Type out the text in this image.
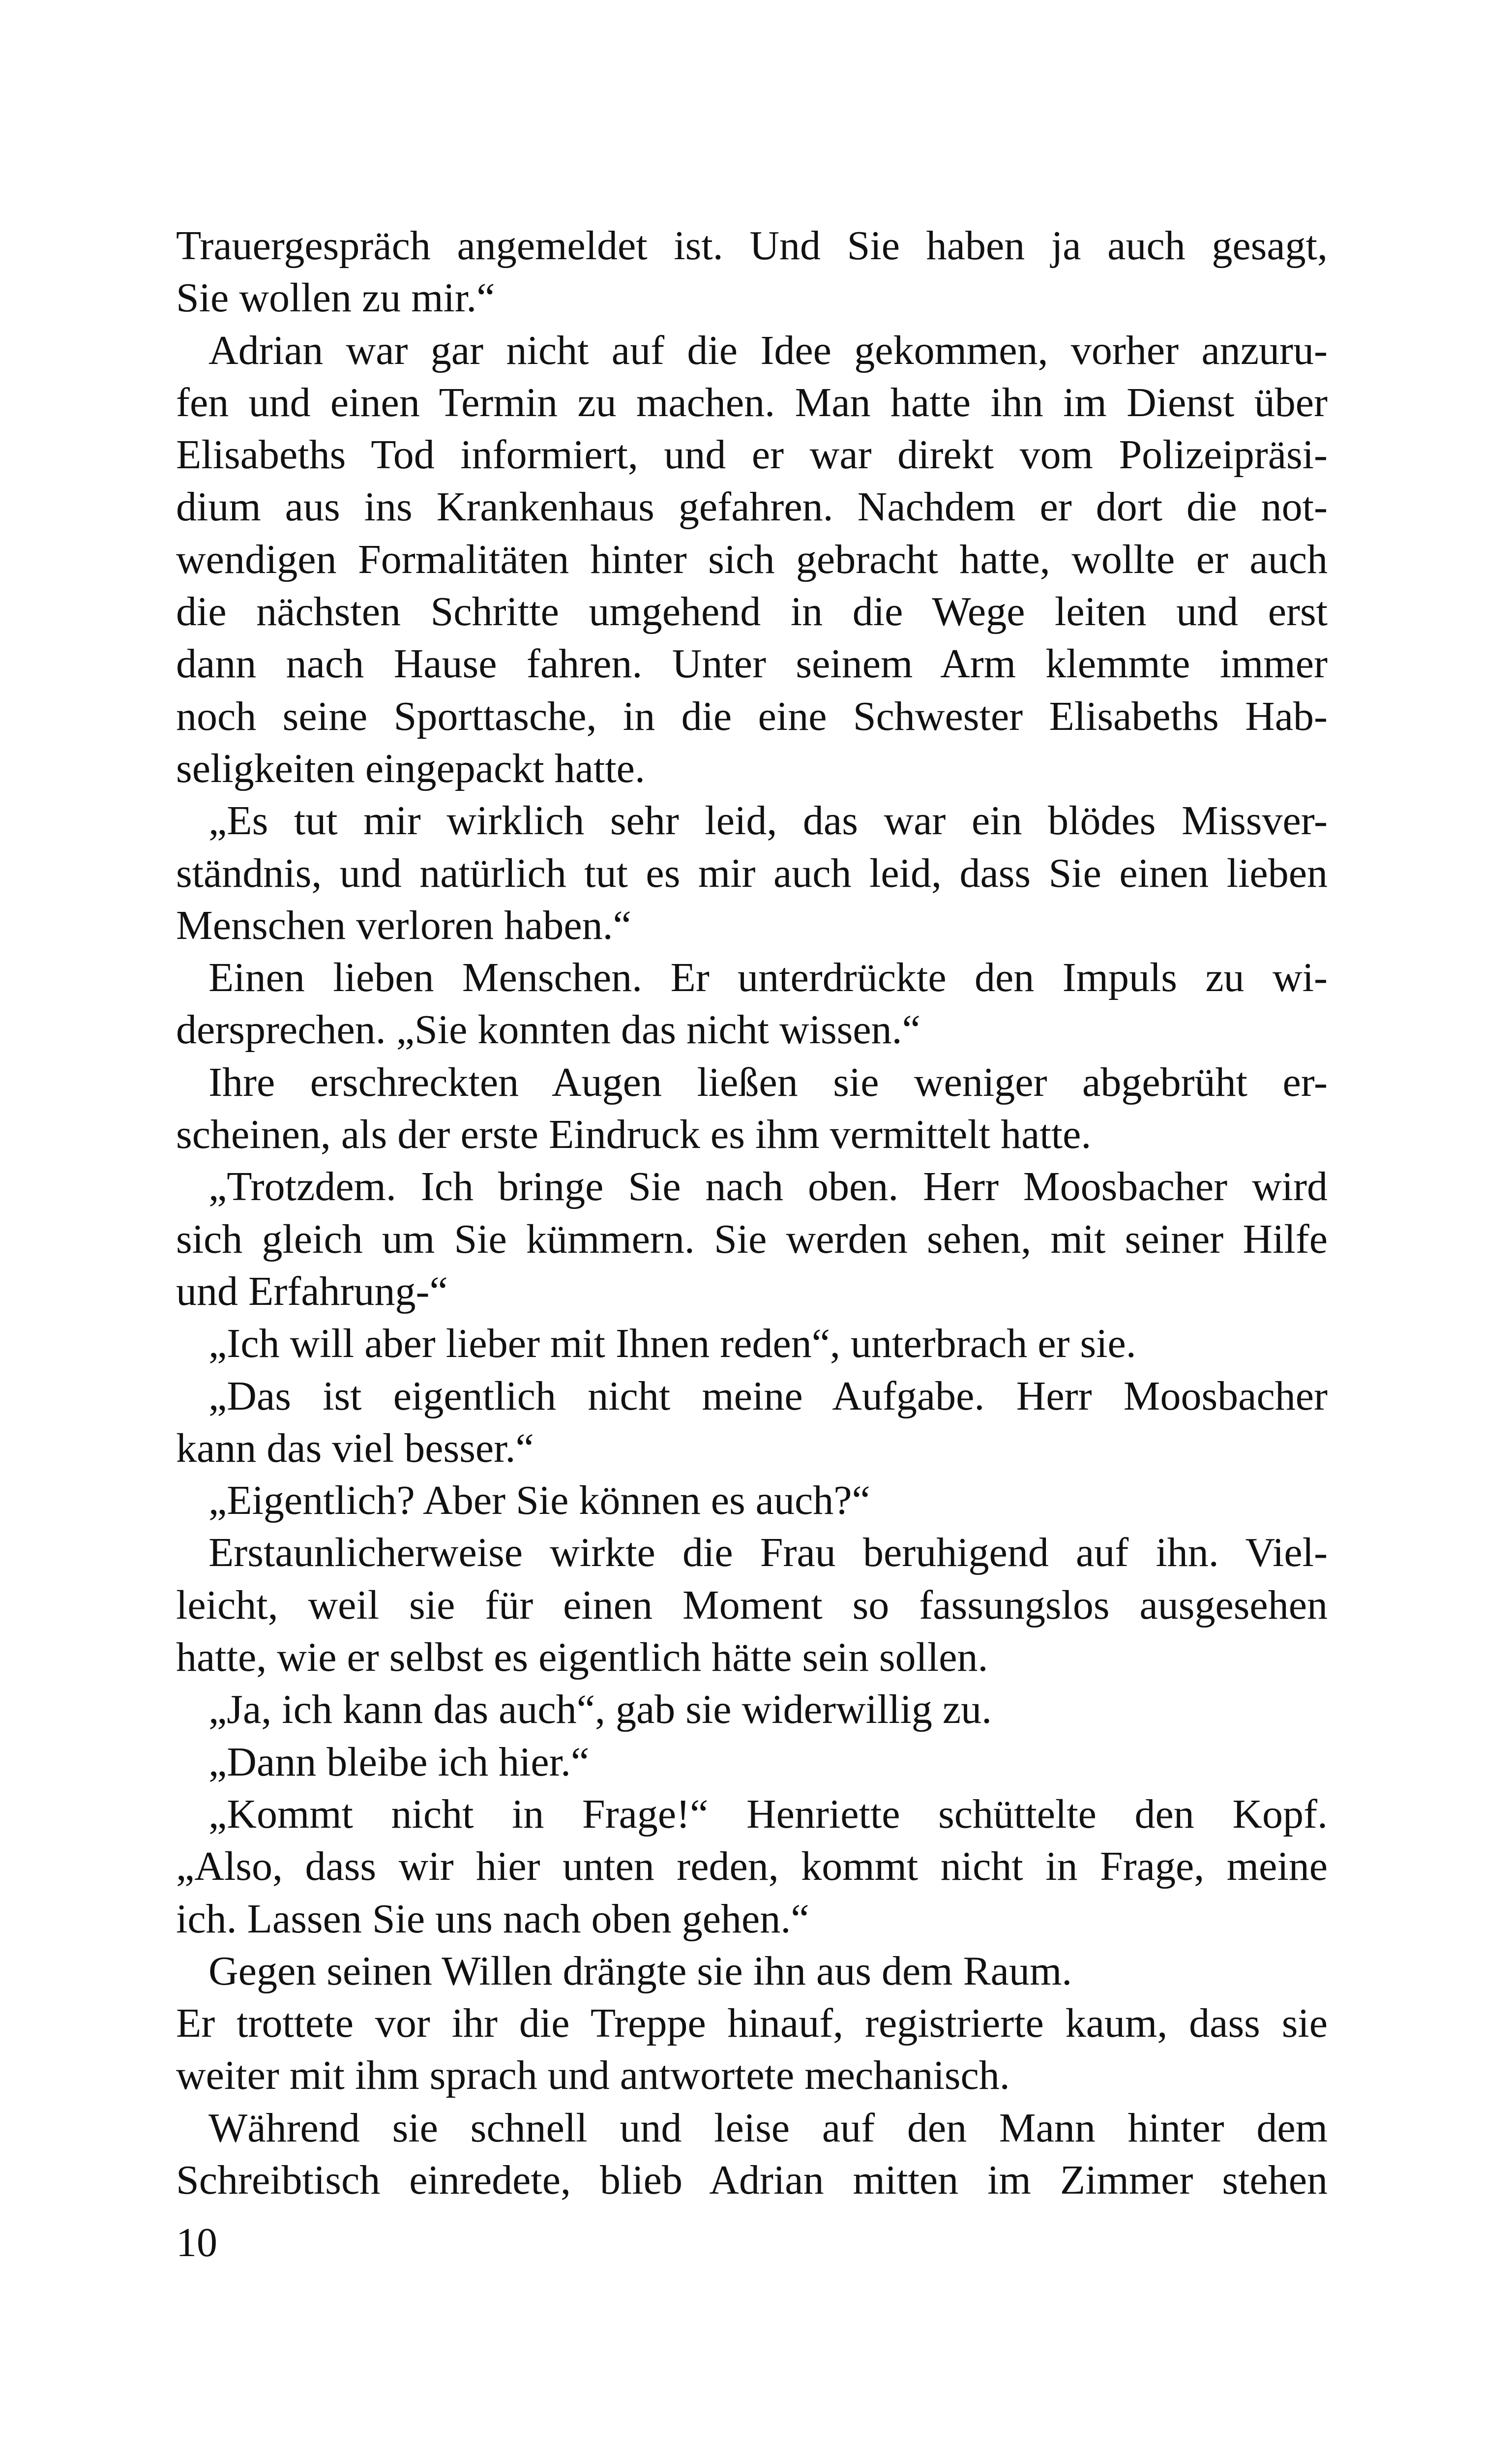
Trauergespräch angemeldet ist. Und Sie haben ja auch gesagt,
Sie wollen zu mir.“
Adrian war gar nicht auf die Idee gekommen, vorher anzuru-
fen und einen Termin zu machen. Man hatte ihn im Dienst über
Elisabeths Tod informiert, und er war direkt vom Polizeipräsi-
dium aus ins Krankenhaus gefahren. Nachdem er dort die not-
wendigen Formalitäten hinter sich gebracht hatte, wollte er auch
die nächsten Schritte umgehend in die Wege leiten und erst
dann nach Hause fahren. Unter seinem Arm klemmte immer
noch seine Sporttasche, in die eine Schwester Elisabeths Hab-
seligkeiten eingepackt hatte.
„Es tut mir wirklich sehr leid, das war ein blödes Missver-
ständnis, und natürlich tut es mir auch leid, dass Sie einen lieben
Menschen verloren haben.“
Einen lieben Menschen. Er unterdrückte den Impuls zu wi-
dersprechen. „Sie konnten das nicht wissen.“
Ihre erschreckten Augen ließen sie weniger abgebrüht er-
scheinen, als der erste Eindruck es ihm vermittelt hatte.
„Trotzdem. Ich bringe Sie nach oben. Herr Moosbacher wird
sich gleich um Sie kümmern. Sie werden sehen, mit seiner Hilfe
und Erfahrung-“
„Ich will aber lieber mit Ihnen reden“, unterbrach er sie.
„Das ist eigentlich nicht meine Aufgabe. Herr Moosbacher
kann das viel besser.“
„Eigentlich? Aber Sie können es auch?“
Erstaunlicherweise wirkte die Frau beruhigend auf ihn. Viel-
leicht, weil sie für einen Moment so fassungslos ausgesehen
hatte, wie er selbst es eigentlich hätte sein sollen.
„Ja, ich kann das auch“, gab sie widerwillig zu.
„Dann bleibe ich hier.“
„Kommt nicht in Frage!“ Henriette schüttelte den Kopf.
„Also, dass wir hier unten reden, kommt nicht in Frage, meine
ich. Lassen Sie uns nach oben gehen.“
Gegen seinen Willen drängte sie ihn aus dem Raum.
Er trottete vor ihr die Treppe hinauf, registrierte kaum, dass sie
weiter mit ihm sprach und antwortete mechanisch.
Während sie schnell und leise auf den Mann hinter dem
Schreibtisch einredete, blieb Adrian mitten im Zimmer stehen
10
